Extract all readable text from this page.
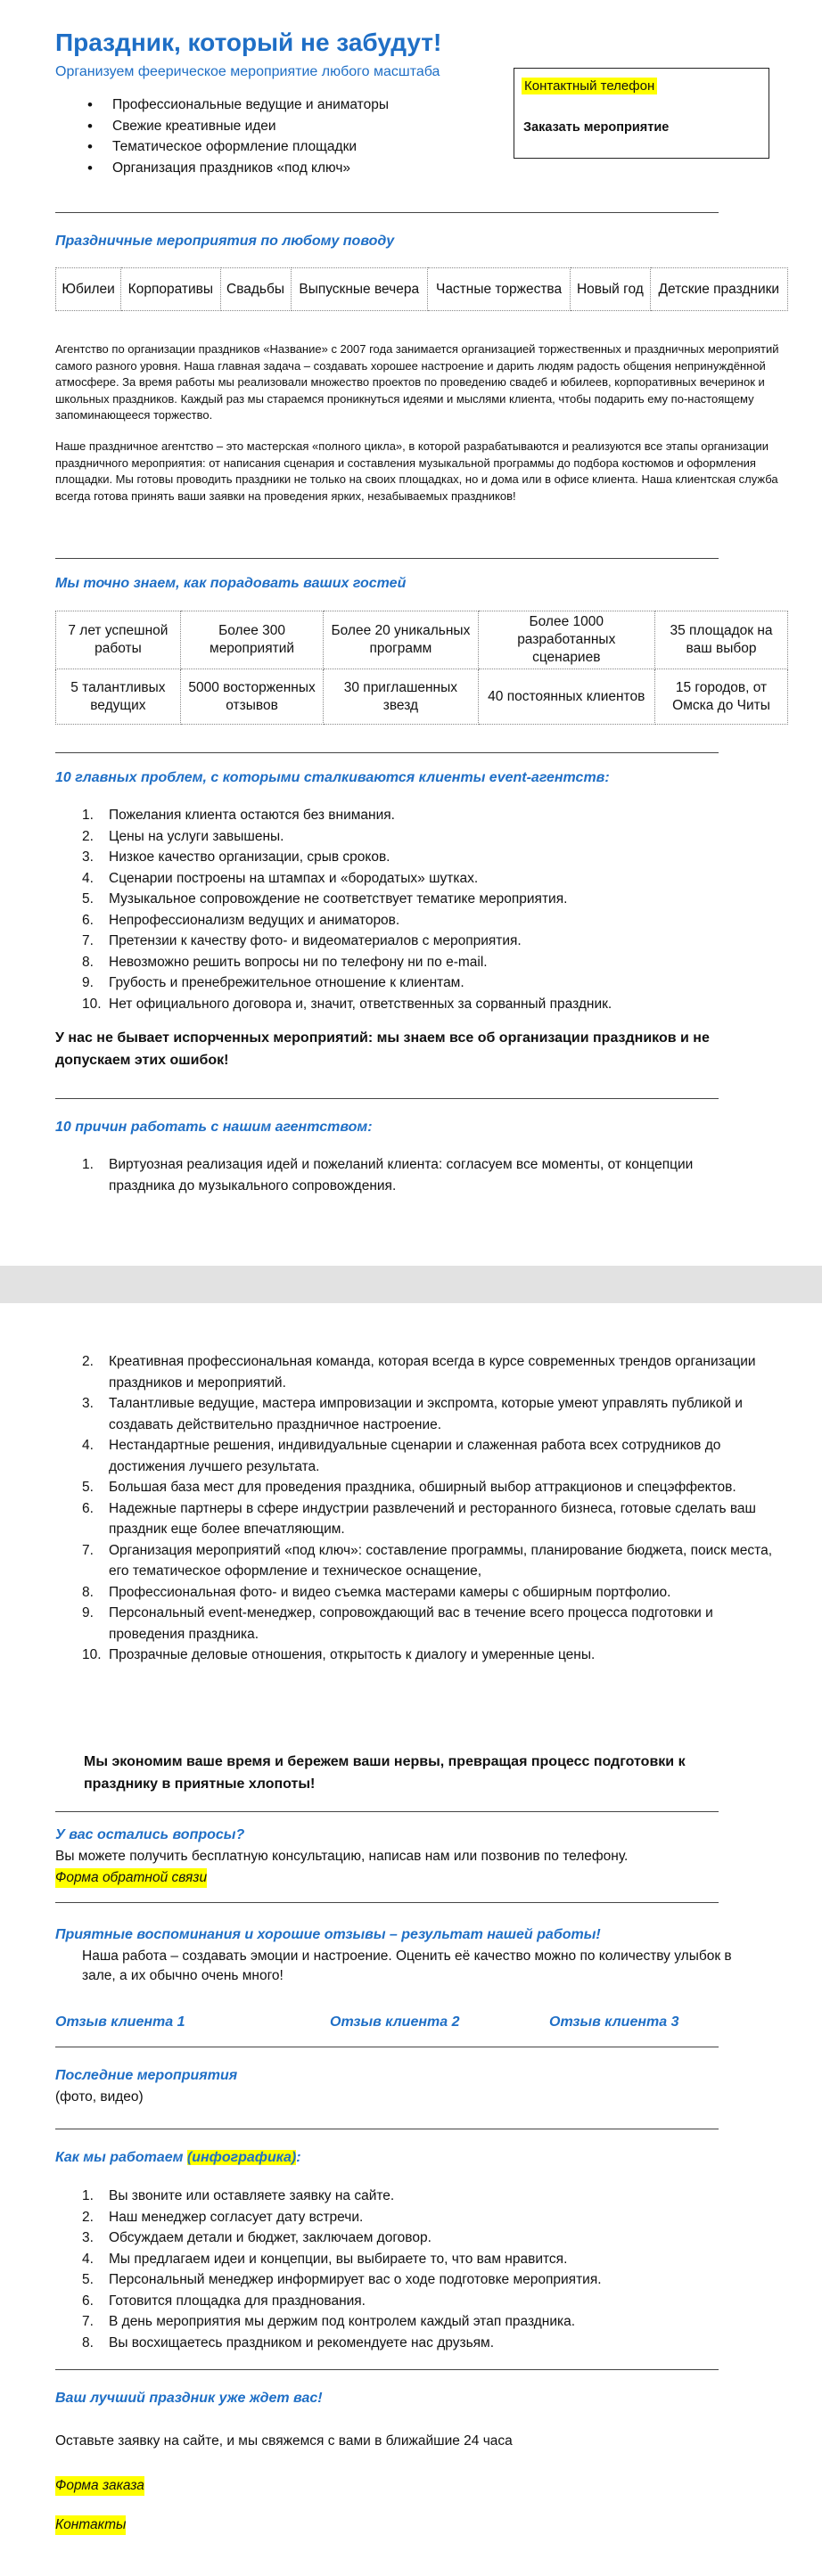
Праздник, который не забудут!
Организуем феерическое мероприятие любого масштаба
• Профессиональные ведущие и аниматоры
• Свежие креативные идеи
• Тематическое оформление площадки
• Организация праздников «под ключ»
Контактный телефон
Заказать мероприятие
Праздничные мероприятия по любому поводу
Юбилеи	Корпоративы	Свадьбы	Выпускные вечера	Частные торжества	Новый год	Детские праздники

Агентство по организации праздников «Название» с 2007 года занимается организацией торжественных и праздничных мероприятий самого разного уровня. Наша главная задача – создавать хорошее настроение и дарить людям радость общения непринуждённой атмосфере. За время работы мы реализовали множество проектов по проведению свадеб и юбилеев, корпоративных вечеринок и школьных праздников. Каждый раз мы стараемся проникнуться идеями и мыслями клиента, чтобы подарить ему по-настоящему запоминающееся торжество.

Наше праздничное агентство – это мастерская «полного цикла», в которой разрабатываются и реализуются все этапы организации праздничного мероприятия: от написания сценария и составления музыкальной программы до подбора костюмов и оформления площадки. Мы готовы проводить праздники не только на своих площадках, но и дома или в офисе клиента. Наша клиентская служба всегда готова принять ваши заявки на проведения ярких, незабываемых праздников!

Мы точно знаем, как порадовать ваших гостей
7 лет успешной работы	Более 300 мероприятий	Более 20 уникальных программ	Более 1000 разработанных сценариев	35 площадок на ваш выбор
5 талантливых ведущих	5000 восторженных отзывов	30 приглашенных звезд	40 постоянных клиентов	15 городов, от Омска до Читы
10 главных проблем, с которыми сталкиваются клиенты event-агентств:
1. Пожелания клиента остаются без внимания.
2. Цены на услуги завышены.
3. Низкое качество организации, срыв сроков.
4. Сценарии построены на штампах и «бородатых» шутках.
5. Музыкальное сопровождение не соответствует тематике мероприятия.
6. Непрофессионализм ведущих и аниматоров.
7. Претензии к качеству фото- и видеоматериалов с мероприятия.
8. Невозможно решить вопросы ни по телефону ни по e-mail.
9. Грубость и пренебрежительное отношение к клиентам.
10. Нет официального договора и, значит, ответственных за сорванный праздник.

У нас не бывает испорченных мероприятий: мы знаем все об организации праздников и не допускаем этих ошибок!

10 причин работать с нашим агентством:
1. Виртуозная реализация идей и пожеланий клиента: согласуем все моменты, от концепции праздника до музыкального сопровождения.
2. Креативная профессиональная команда, которая всегда в курсе современных трендов организации праздников и мероприятий.
3. Талантливые ведущие, мастера импровизации и экспромта, которые умеют управлять публикой и создавать действительно праздничное настроение.
4. Нестандартные решения, индивидуальные сценарии и слаженная работа всех сотрудников до достижения лучшего результата.
5. Большая база мест для проведения праздника, обширный выбор аттракционов и спецэффектов.
6. Надежные партнеры в сфере индустрии развлечений и ресторанного бизнеса, готовые сделать ваш праздник еще более впечатляющим.
7. Организация мероприятий «под ключ»: составление программы, планирование бюджета, поиск места, его тематическое оформление и техническое оснащение,
8. Профессиональная фото- и видео съемка мастерами камеры с обширным портфолио.
9. Персональный event-менеджер, сопровождающий вас в течение всего процесса подготовки и проведения праздника.
10. Прозрачные деловые отношения, открытость к диалогу и умеренные цены.

Мы экономим ваше время и бережем ваши нервы, превращая процесс подготовки к празднику в приятные хлопоты!

У вас остались вопросы?

Вы можете получить бесплатную консультацию, написав нам или позвонив по телефону.

Форма обратной связи
Приятные воспоминания и хорошие отзывы – результат нашей работы!

Наша работа – создавать эмоции и настроение. Оценить её качество можно по количеству улыбок в зале, а их обычно очень много!

Отзыв клиента 1	Отзыв клиента 2	Отзыв клиента 3
Последние мероприятия

(фото, видео)

Как мы работаем (инфографика):
1. Вы звоните или оставляете заявку на сайте.
2. Наш менеджер согласует дату встречи.
3. Обсуждаем детали и бюджет, заключаем договор.
4. Мы предлагаем идеи и концепции, вы выбираете то, что вам нравится.
5. Персональный менеджер информирует вас о ходе подготовке мероприятия.
6. Готовится площадка для празднования.
7. В день мероприятия мы держим под контролем каждый этап праздника.
8. Вы восхищаетесь праздником и рекомендуете нас друзьям.
Ваш лучший праздник уже ждет вас!

Оставьте заявку на сайте, и мы свяжемся с вами в ближайшие 24 часа

Форма заказа
Контакты
